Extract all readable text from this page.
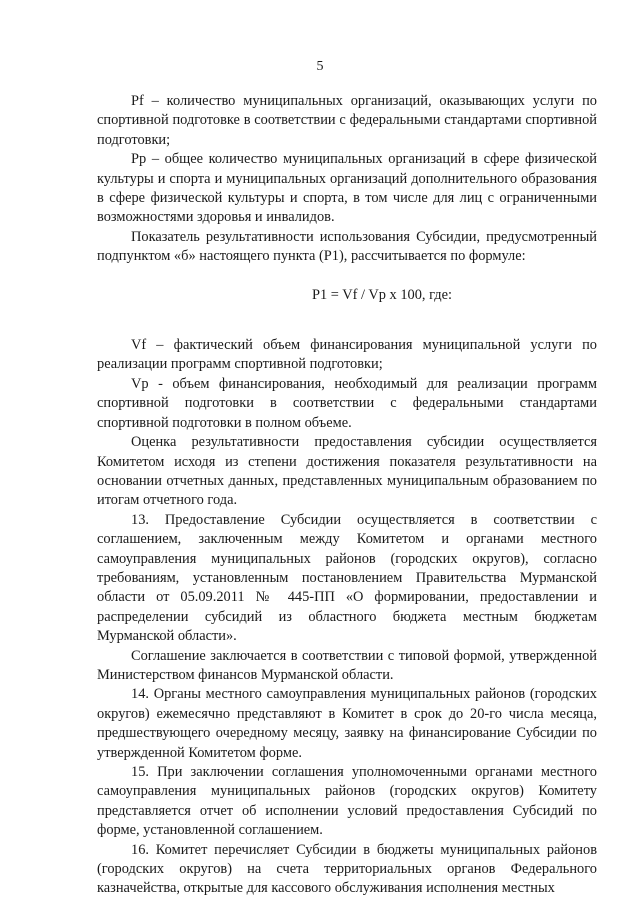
5

Pf – количество муниципальных организаций, оказывающих услуги по спортивной подготовке в соответствии с федеральными стандартами спортивной подготовки;

Pp – общее количество муниципальных организаций в сфере физической культуры и спорта и муниципальных организаций дополнительного образования в сфере физической культуры и спорта, в том числе для лиц с ограниченными возможностями здоровья и инвалидов.

Показатель результативности использования Субсидии, предусмотренный подпунктом «б» настоящего пункта (P1), рассчитывается по формуле:

P1 = Vf / Vp x 100, где:

Vf – фактический объем финансирования муниципальной услуги по реализации программ спортивной подготовки;

Vp - объем финансирования, необходимый для реализации программ спортивной подготовки в соответствии с федеральными стандартами спортивной подготовки в полном объеме.

Оценка результативности предоставления субсидии осуществляется Комитетом исходя из степени достижения показателя результативности на основании отчетных данных, представленных муниципальным образованием по итогам отчетного года.

13. Предоставление Субсидии осуществляется в соответствии с соглашением, заключенным между Комитетом и органами местного самоуправления муниципальных районов (городских округов), согласно требованиям, установленным постановлением Правительства Мурманской области от 05.09.2011 № 445-ПП «О формировании, предоставлении и распределении субсидий из областного бюджета местным бюджетам Мурманской области».

Соглашение заключается в соответствии с типовой формой, утвержденной Министерством финансов Мурманской области.

14. Органы местного самоуправления муниципальных районов (городских округов) ежемесячно представляют в Комитет в срок до 20-го числа месяца, предшествующего очередному месяцу, заявку на финансирование Субсидии по утвержденной Комитетом форме.

15. При заключении соглашения уполномоченными органами местного самоуправления муниципальных районов (городских округов) Комитету представляется отчет об исполнении условий предоставления Субсидий по форме, установленной соглашением.

16. Комитет перечисляет Субсидии в бюджеты муниципальных районов (городских округов) на счета территориальных органов Федерального казначейства, открытые для кассового обслуживания исполнения местных
